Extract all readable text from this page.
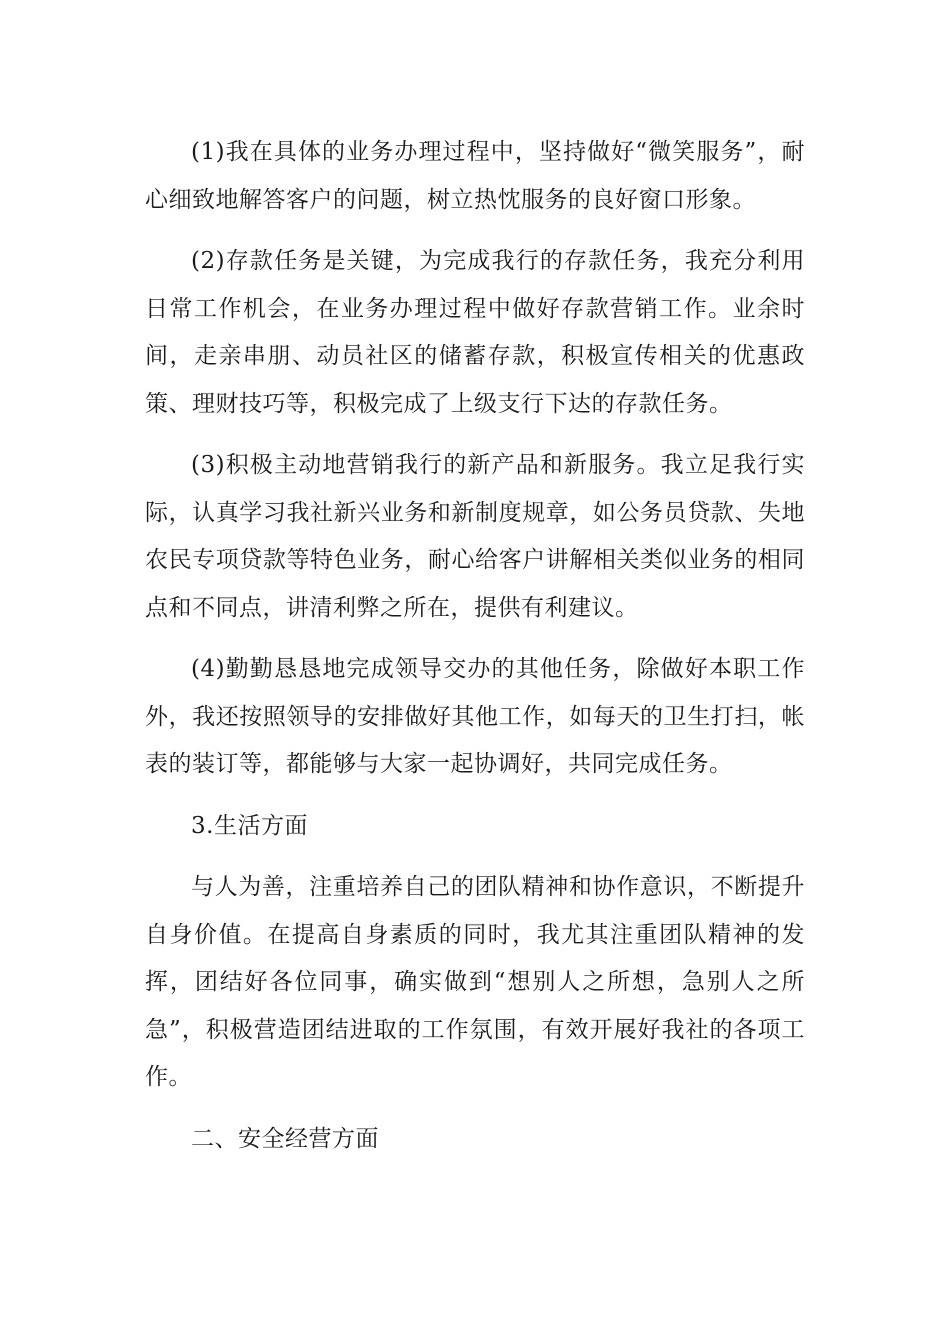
(1)我在具体的业务办理过程中，坚持做好“微笑服务”，耐心细致地解答客户的问题，树立热忱服务的良好窗口形象。

(2)存款任务是关键，为完成我行的存款任务，我充分利用日常工作机会，在业务办理过程中做好存款营销工作。业余时间，走亲串朋、动员社区的储蓄存款，积极宣传相关的优惠政策、理财技巧等，积极完成了上级支行下达的存款任务。

(3)积极主动地营销我行的新产品和新服务。我立足我行实际，认真学习我社新兴业务和新制度规章，如公务员贷款、失地农民专项贷款等特色业务，耐心给客户讲解相关类似业务的相同点和不同点，讲清利弊之所在，提供有利建议。

(4)勤勤恳恳地完成领导交办的其他任务，除做好本职工作外，我还按照领导的安排做好其他工作，如每天的卫生打扫，帐表的装订等，都能够与大家一起协调好，共同完成任务。

3.生活方面

与人为善，注重培养自己的团队精神和协作意识，不断提升自身价值。在提高自身素质的同时，我尤其注重团队精神的发挥，团结好各位同事，确实做到“想别人之所想，急别人之所急”，积极营造团结进取的工作氛围，有效开展好我社的各项工作。

二、安全经营方面
